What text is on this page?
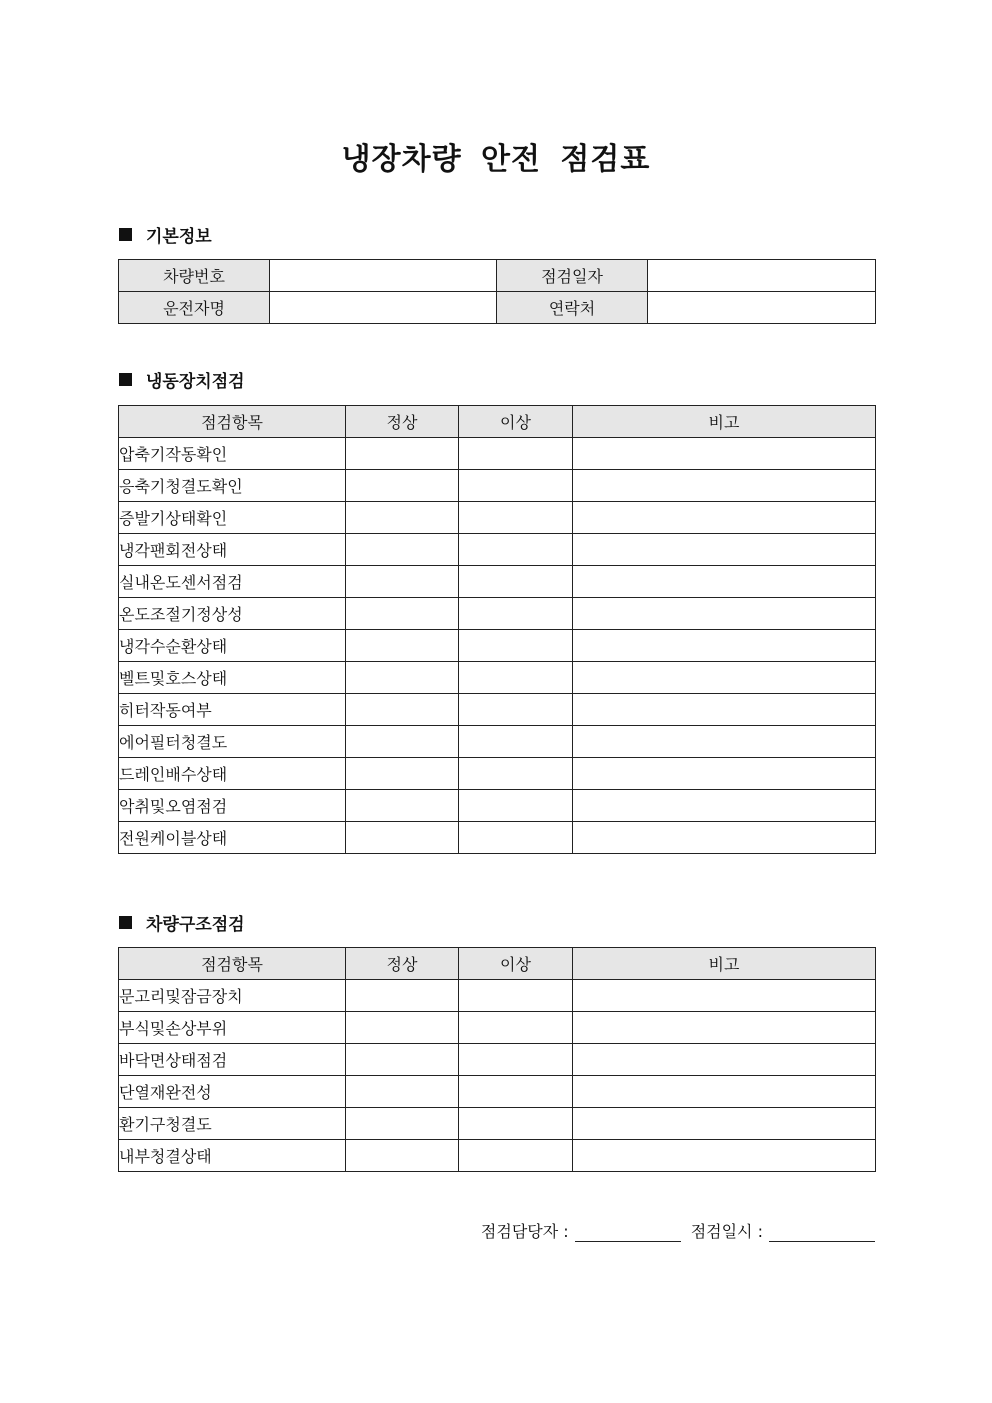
냉장차량 안전 점검표
기본정보
차량번호		점검일자	
운전자명		연락처	
냉동장치점검
점검항목	정상	이상	비고
압축기작동확인			
응축기청결도확인			
증발기상태확인			
냉각팬회전상태			
실내온도센서점검			
온도조절기정상성			
냉각수순환상태			
벨트및호스상태			
히터작동여부			
에어필터청결도			
드레인배수상태			
악취및오염점검			
전원케이블상태			
차량구조점검
점검항목	정상	이상	비고
문고리및잠금장치			
부식및손상부위			
바닥면상태점검			
단열재완전성			
환기구청결도			
내부청결상태			
점검담당자 :	점검일시 :
